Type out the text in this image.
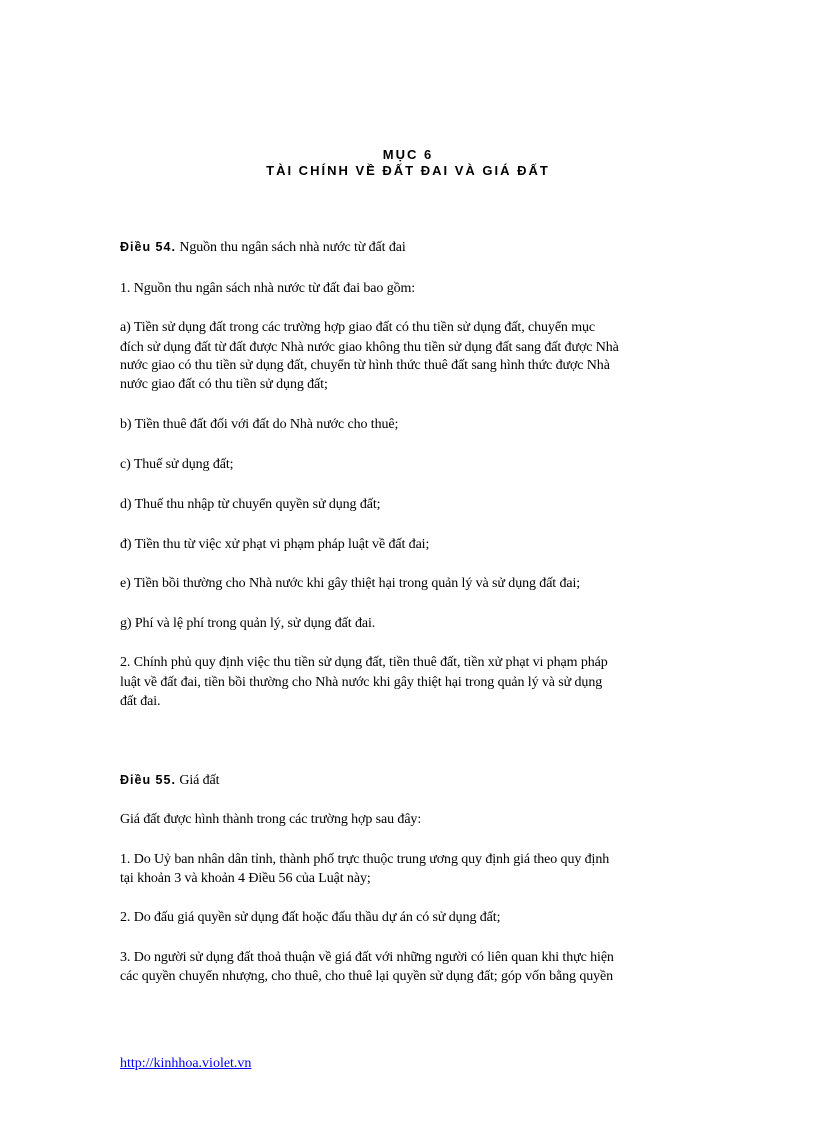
MỤC 6
TÀI CHÍNH VỀ ĐẤT ĐAI VÀ GIÁ ĐẤT
Điều 54. Nguồn thu ngân sách nhà nước từ đất đai
1. Nguồn thu ngân sách nhà nước từ đất đai bao gồm:
a) Tiền sử dụng đất trong các trường hợp giao đất có thu tiền sử dụng đất, chuyển mục
đích sử dụng đất từ đất được Nhà nước giao không thu tiền sử dụng đất sang đất được Nhà
nước giao có thu tiền sử dụng đất, chuyển từ hình thức thuê đất sang hình thức được Nhà
nước giao đất có thu tiền sử dụng đất;
b) Tiền thuê đất đối với đất do Nhà nước cho thuê;
c) Thuế sử dụng đất;
d) Thuế thu nhập từ chuyển quyền sử dụng đất;
đ) Tiền thu từ việc xử phạt vi phạm pháp luật về đất đai;
e) Tiền bồi thường cho Nhà nước khi gây thiệt hại trong quản lý và sử dụng đất đai;
g) Phí và lệ phí trong quản lý, sử dụng đất đai.
2. Chính phủ quy định việc thu tiền sử dụng đất, tiền thuê đất, tiền xử phạt vi phạm pháp
luật về đất đai, tiền bồi thường cho Nhà nước khi gây thiệt hại trong quản lý và sử dụng
đất đai.
Điều 55. Giá đất
Giá đất được hình thành trong các trường hợp sau đây:
1. Do Uỷ ban nhân dân tỉnh, thành phố trực thuộc trung ương quy định giá theo quy định
tại khoản 3 và khoản 4 Điều 56 của Luật này;
2. Do đấu giá quyền sử dụng đất hoặc đấu thầu dự án có sử dụng đất;
3. Do người sử dụng đất thoả thuận về giá đất với những người có liên quan khi thực hiện
các quyền chuyển nhượng, cho thuê, cho thuê lại quyền sử dụng đất; góp vốn bằng quyền
http://kinhhoa.violet.vn
